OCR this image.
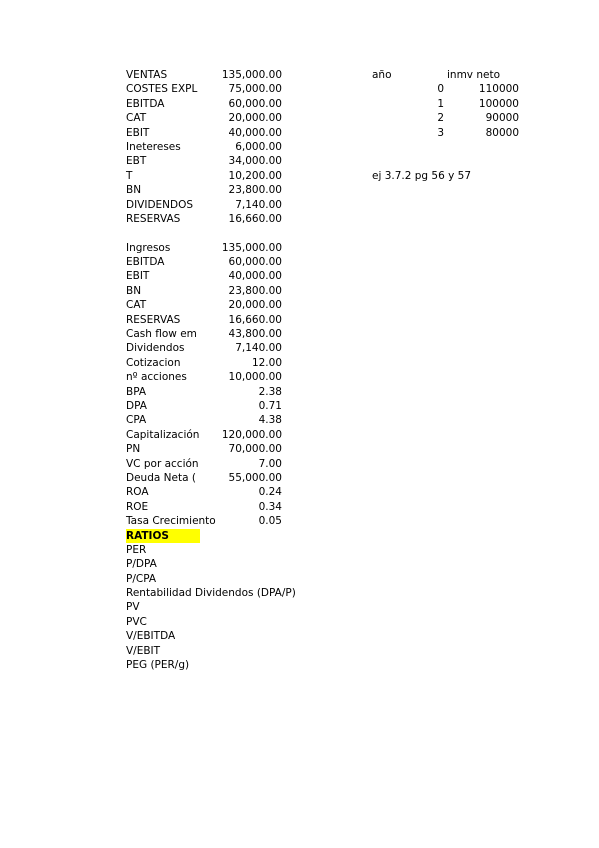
VENTAS	135,000.00
COSTES EXPL	75,000.00
EBITDA	60,000.00
CAT	20,000.00
EBIT	40,000.00
Inetereses	6,000.00
EBT	34,000.00
T	10,200.00
BN	23,800.00
DIVIDENDOS	7,140.00
RESERVAS	16,660.00
Ingresos	135,000.00
EBITDA	60,000.00
EBIT	40,000.00
BN	23,800.00
CAT	20,000.00
RESERVAS	16,660.00
Cash flow em	43,800.00
Dividendos	7,140.00
Cotizacion	12.00
nº acciones	10,000.00
BPA	2.38
DPA	0.71
CPA	4.38
Capitalización	120,000.00
PN	70,000.00
VC por acción	7.00
Deuda Neta (	55,000.00
ROA	0.24
ROE	0.34
Tasa Crecimiento	0.05
RATIOS
PER
P/DPA
P/CPA
Rentabilidad Dividendos (DPA/P)
PV
PVC
V/EBITDA
V/EBIT
PEG (PER/g)
año	inmv neto
0	110000
1	100000
2	90000
3	80000
ej 3.7.2 pg 56 y 57
